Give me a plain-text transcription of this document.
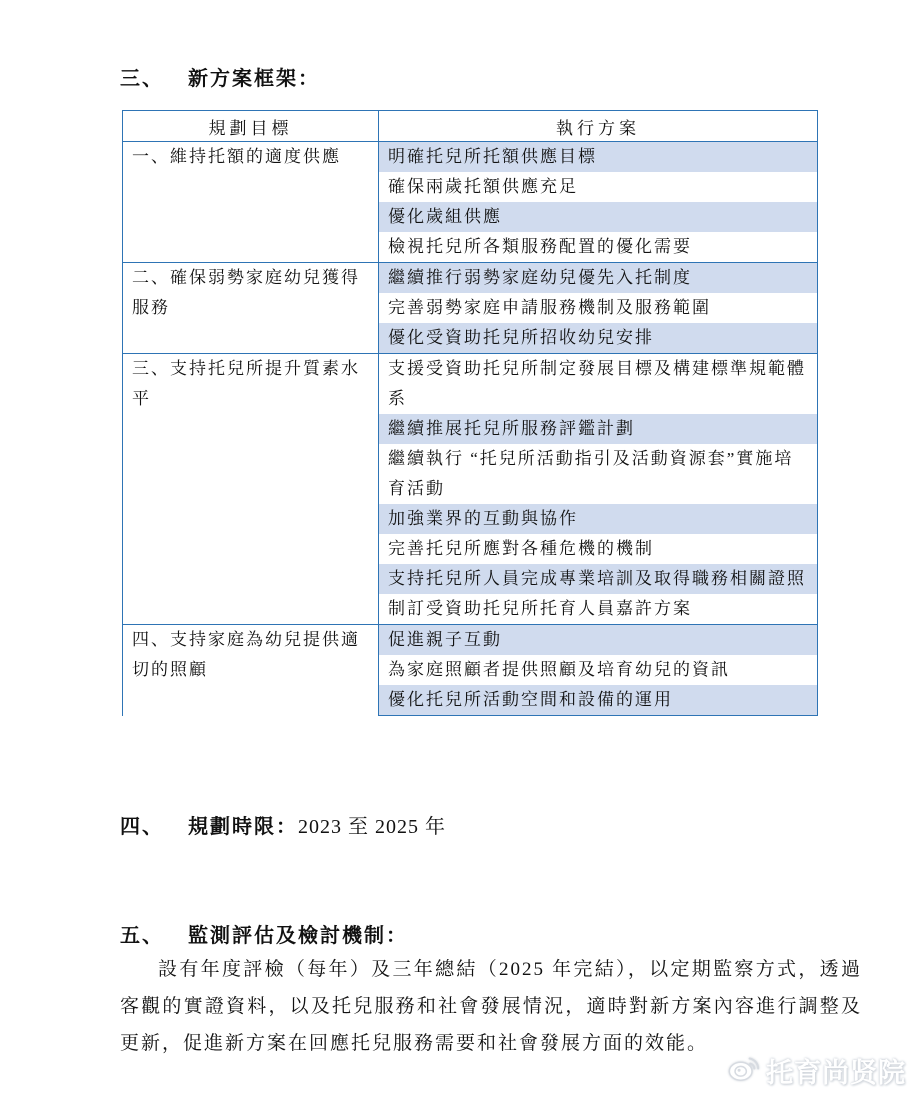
三、 新方案框架：
規劃目標	執行方案
一、維持托額的適度供應	明確托兒所托額供應目標
	確保兩歲托額供應充足
	優化歲組供應
	檢視托兒所各類服務配置的優化需要
二、確保弱勢家庭幼兒獲得服務	繼續推行弱勢家庭幼兒優先入托制度
	完善弱勢家庭申請服務機制及服務範圍
	優化受資助托兒所招收幼兒安排
三、支持托兒所提升質素水平	支援受資助托兒所制定發展目標及構建標準規範體系
	繼續推展托兒所服務評鑑計劃
	繼續執行 “托兒所活動指引及活動資源套”實施培育活動
	加強業界的互動與協作
	完善托兒所應對各種危機的機制
	支持托兒所人員完成專業培訓及取得職務相關證照
	制訂受資助托兒所托育人員嘉許方案
四、支持家庭為幼兒提供適切的照顧	促進親子互動
	為家庭照顧者提供照顧及培育幼兒的資訊
	優化托兒所活動空間和設備的運用
四、 規劃時限：2023 至 2025 年
五、 監測評估及檢討機制：
設有年度評檢（每年）及三年總結（2025 年完結），以定期監察方式，透過客觀的實證資料，以及托兒服務和社會發展情況，適時對新方案內容進行調整及更新，促進新方案在回應托兒服務需要和社會發展方面的效能。
托育尚贤院
